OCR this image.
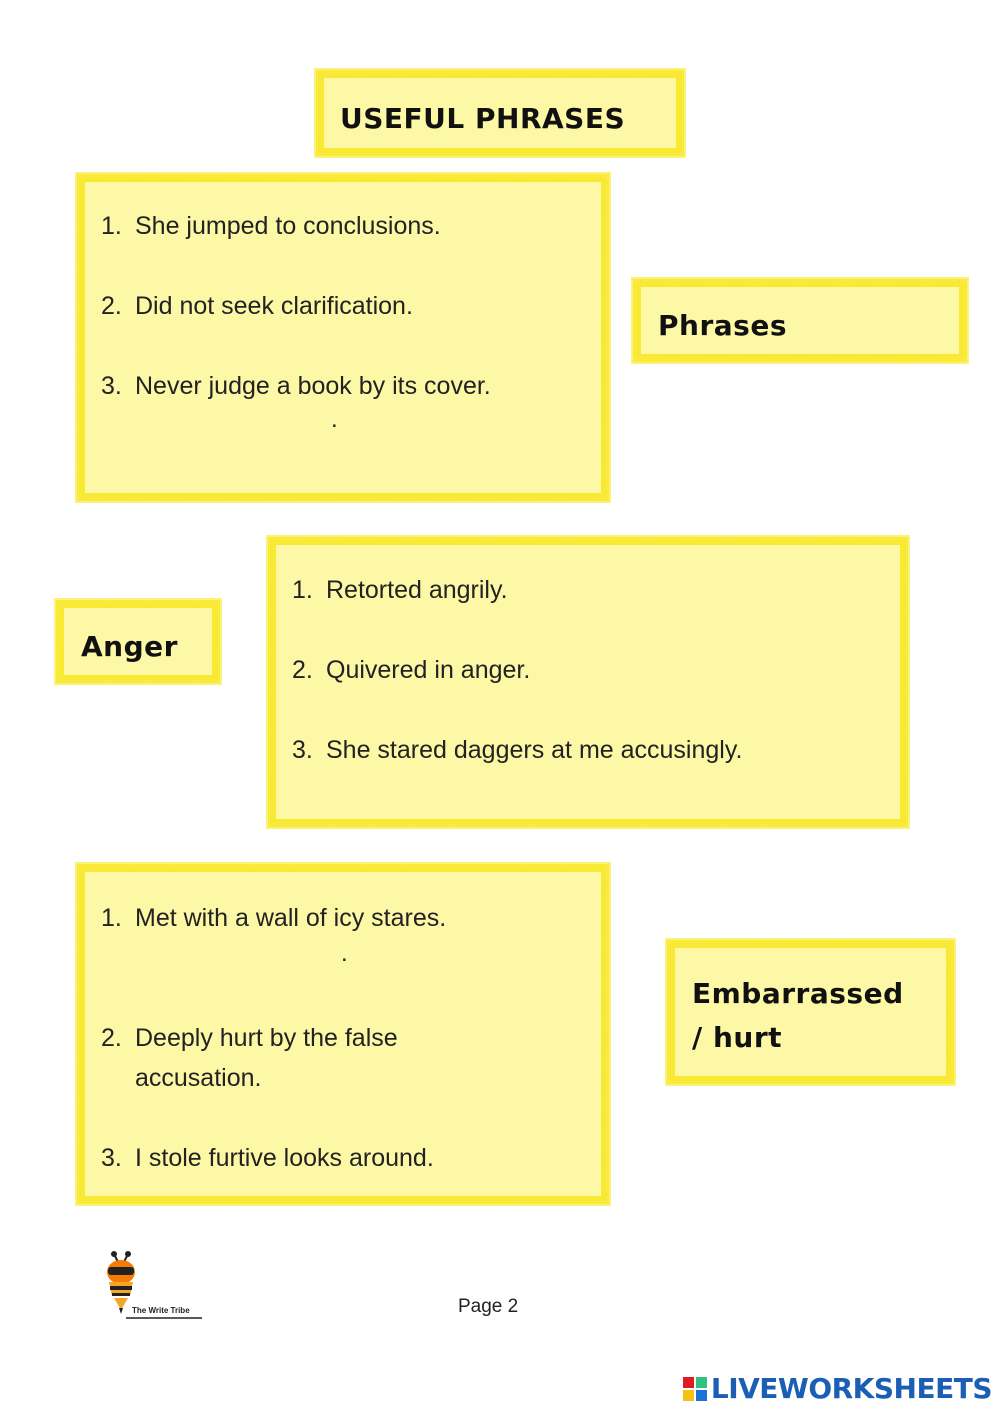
USEFUL PHRASES
1. She jumped to conclusions.
2. Did not seek clarification.
3. Never judge a book by its cover.
.
Phrases
Anger
1. Retorted angrily.
2. Quivered in anger.
3. She stared daggers at me accusingly.
1. Met with a wall of icy stares.
2. Deeply hurt by the false
accusation.
3. I stole furtive looks around.
.
Embarrassed
/ hurt
The Write Tribe	Page 2
LIVEWORKSHEETS
